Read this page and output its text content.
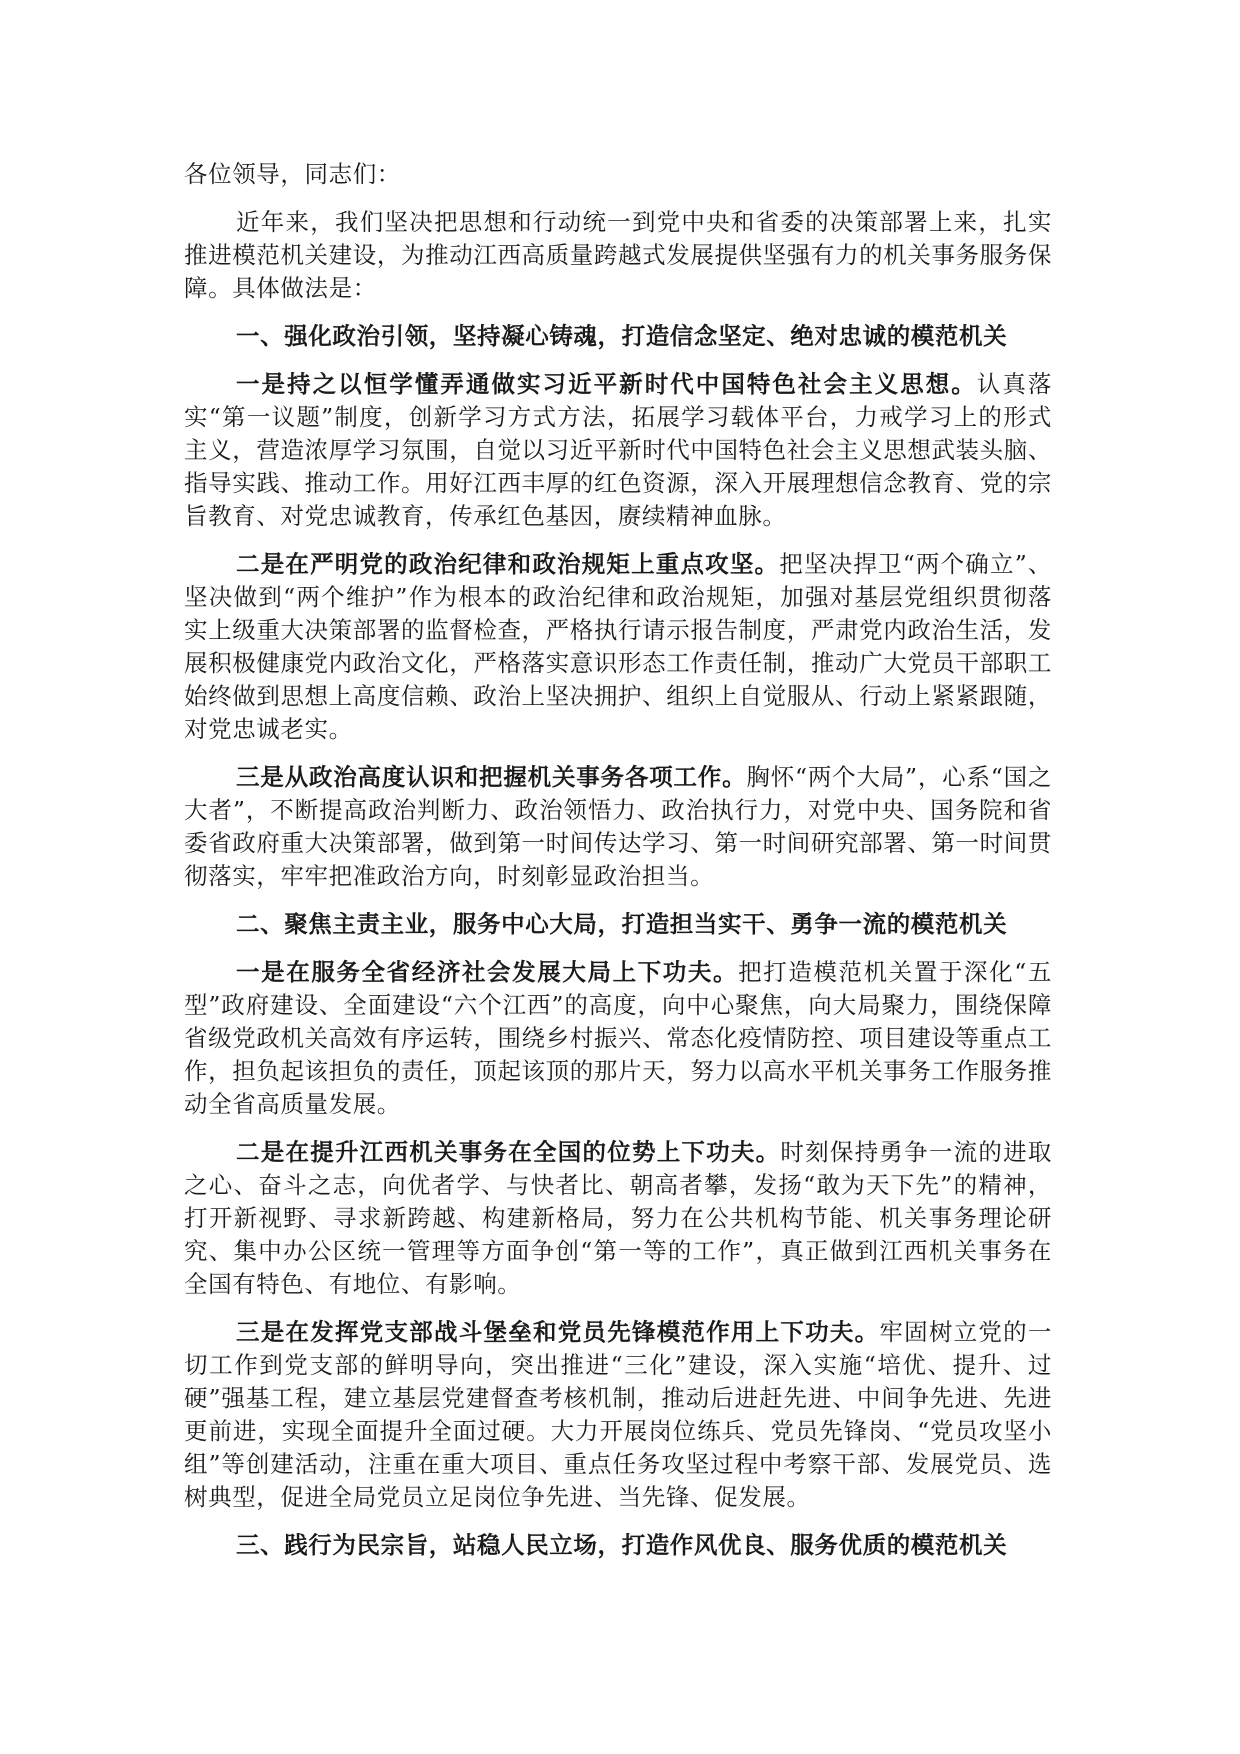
各位领导，同志们：

近年来，我们坚决把思想和行动统一到党中央和省委的决策部署上来，扎实推进模范机关建设，为推动江西高质量跨越式发展提供坚强有力的机关事务服务保障。具体做法是：

一、强化政治引领，坚持凝心铸魂，打造信念坚定、绝对忠诚的模范机关

一是持之以恒学懂弄通做实习近平新时代中国特色社会主义思想。认真落实“第一议题”制度，创新学习方式方法，拓展学习载体平台，力戒学习上的形式主义，营造浓厚学习氛围，自觉以习近平新时代中国特色社会主义思想武装头脑、指导实践、推动工作。用好江西丰厚的红色资源，深入开展理想信念教育、党的宗旨教育、对党忠诚教育，传承红色基因，赓续精神血脉。

二是在严明党的政治纪律和政治规矩上重点攻坚。把坚决捍卫“两个确立”、坚决做到“两个维护”作为根本的政治纪律和政治规矩，加强对基层党组织贯彻落实上级重大决策部署的监督检查，严格执行请示报告制度，严肃党内政治生活，发展积极健康党内政治文化，严格落实意识形态工作责任制，推动广大党员干部职工始终做到思想上高度信赖、政治上坚决拥护、组织上自觉服从、行动上紧紧跟随，对党忠诚老实。

三是从政治高度认识和把握机关事务各项工作。胸怀“两个大局”，心系“国之大者”，不断提高政治判断力、政治领悟力、政治执行力，对党中央、国务院和省委省政府重大决策部署，做到第一时间传达学习、第一时间研究部署、第一时间贯彻落实，牢牢把准政治方向，时刻彰显政治担当。

二、聚焦主责主业，服务中心大局，打造担当实干、勇争一流的模范机关

一是在服务全省经济社会发展大局上下功夫。把打造模范机关置于深化“五型”政府建设、全面建设“六个江西”的高度，向中心聚焦，向大局聚力，围绕保障省级党政机关高效有序运转，围绕乡村振兴、常态化疫情防控、项目建设等重点工作，担负起该担负的责任，顶起该顶的那片天，努力以高水平机关事务工作服务推动全省高质量发展。

二是在提升江西机关事务在全国的位势上下功夫。时刻保持勇争一流的进取之心、奋斗之志，向优者学、与快者比、朝高者攀，发扬“敢为天下先”的精神，打开新视野、寻求新跨越、构建新格局，努力在公共机构节能、机关事务理论研究、集中办公区统一管理等方面争创“第一等的工作”，真正做到江西机关事务在全国有特色、有地位、有影响。

三是在发挥党支部战斗堡垒和党员先锋模范作用上下功夫。牢固树立党的一切工作到党支部的鲜明导向，突出推进“三化”建设，深入实施“培优、提升、过硬”强基工程，建立基层党建督查考核机制，推动后进赶先进、中间争先进、先进更前进，实现全面提升全面过硬。大力开展岗位练兵、党员先锋岗、“党员攻坚小组”等创建活动，注重在重大项目、重点任务攻坚过程中考察干部、发展党员、选树典型，促进全局党员立足岗位争先进、当先锋、促发展。

三、践行为民宗旨，站稳人民立场，打造作风优良、服务优质的模范机关
